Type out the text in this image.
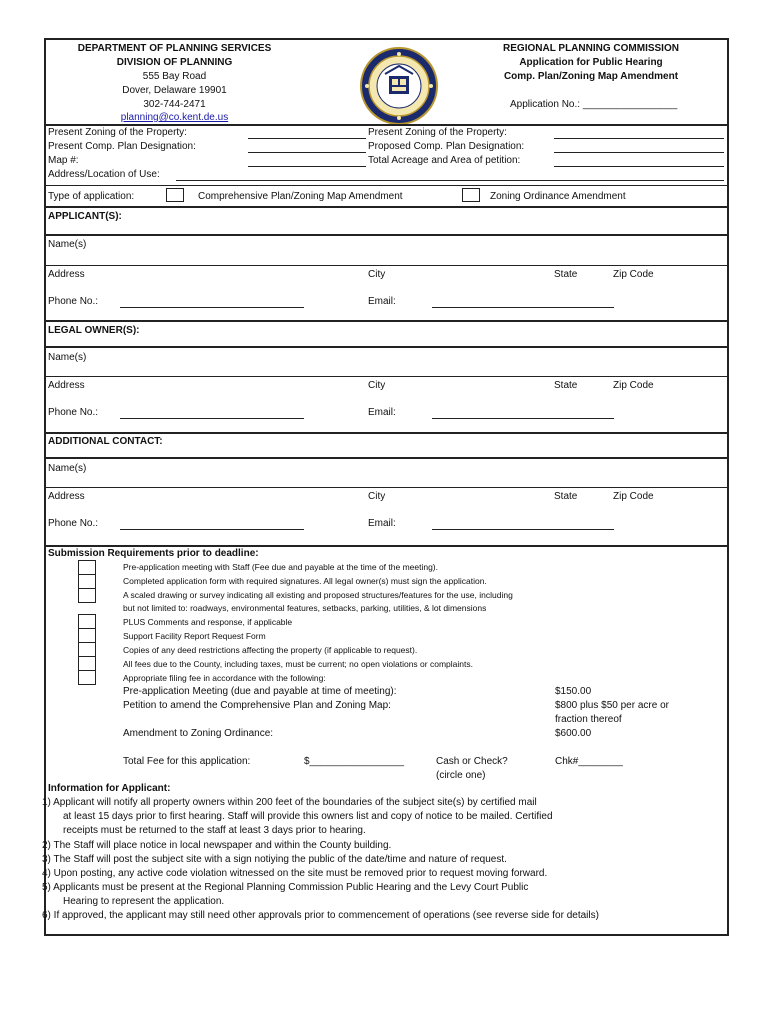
DEPARTMENT OF PLANNING SERVICES
DIVISION OF PLANNING
555 Bay Road
Dover, Delaware 19901
302-744-2471
planning@co.kent.de.us
REGIONAL PLANNING COMMISSION
Application for Public Hearing
Comp. Plan/Zoning Map Amendment
Application No.: _________________
Present Zoning of the Property:
Present Comp. Plan Designation:
Map #:
Address/Location of Use:
Present Zoning of the Property:
Proposed Comp. Plan Designation:
Total Acreage and Area of petition:
Type of application:	Comprehensive Plan/Zoning Map Amendment	Zoning Ordinance Amendment
APPLICANT(S):
Name(s)
Address	City	State	Zip Code
Phone No.:	Email:
LEGAL OWNER(S):
Name(s)
Address	City	State	Zip Code
Phone No.:	Email:
ADDITIONAL CONTACT:
Name(s)
Address	City	State	Zip Code
Phone No.:	Email:
Submission Requirements prior to deadline:
Pre-application meeting with Staff (Fee due and payable at the time of the meeting).
Completed application form with required signatures. All legal owner(s) must sign the application.
A scaled drawing or survey indicating all existing and proposed structures/features for the use, including
but not limited to: roadways, environmental features, setbacks, parking, utilities, & lot dimensions
PLUS Comments and response, if applicable
Support Facility Report Request Form
Copies of any deed restrictions affecting the property (if applicable to request).
All fees due to the County, including taxes, must be current; no open violations or complaints.
Appropriate filing fee in accordance with the following:
Pre-application Meeting (due and payable at time of meeting):	$150.00
Petition to amend the Comprehensive Plan and Zoning Map:	$800 plus $50 per acre or
fraction thereof
Amendment to Zoning Ordinance:	$600.00
Total Fee for this application:	$_________________	Cash or Check?
(circle one)
Chk#________
Information for Applicant:
1) Applicant will notify all property owners within 200 feet of the boundaries of the subject site(s) by certified mail
at least 15 days prior to first hearing. Staff will provide this owners list and copy of notice to be mailed. Certified
receipts must be returned to the staff at least 3 days prior to hearing.
2) The Staff will place notice in local newspaper and within the County building.
3) The Staff will post the subject site with a sign notiying the public of the date/time and nature of request.
4) Upon posting, any active code violation witnessed on the site must be removed prior to request moving forward.
5) Applicants must be present at the Regional Planning Commission Public Hearing and the Levy Court Public
Hearing to represent the application.
6) If approved, the applicant may still need other approvals prior to commencement of operations (see reverse side for details)
